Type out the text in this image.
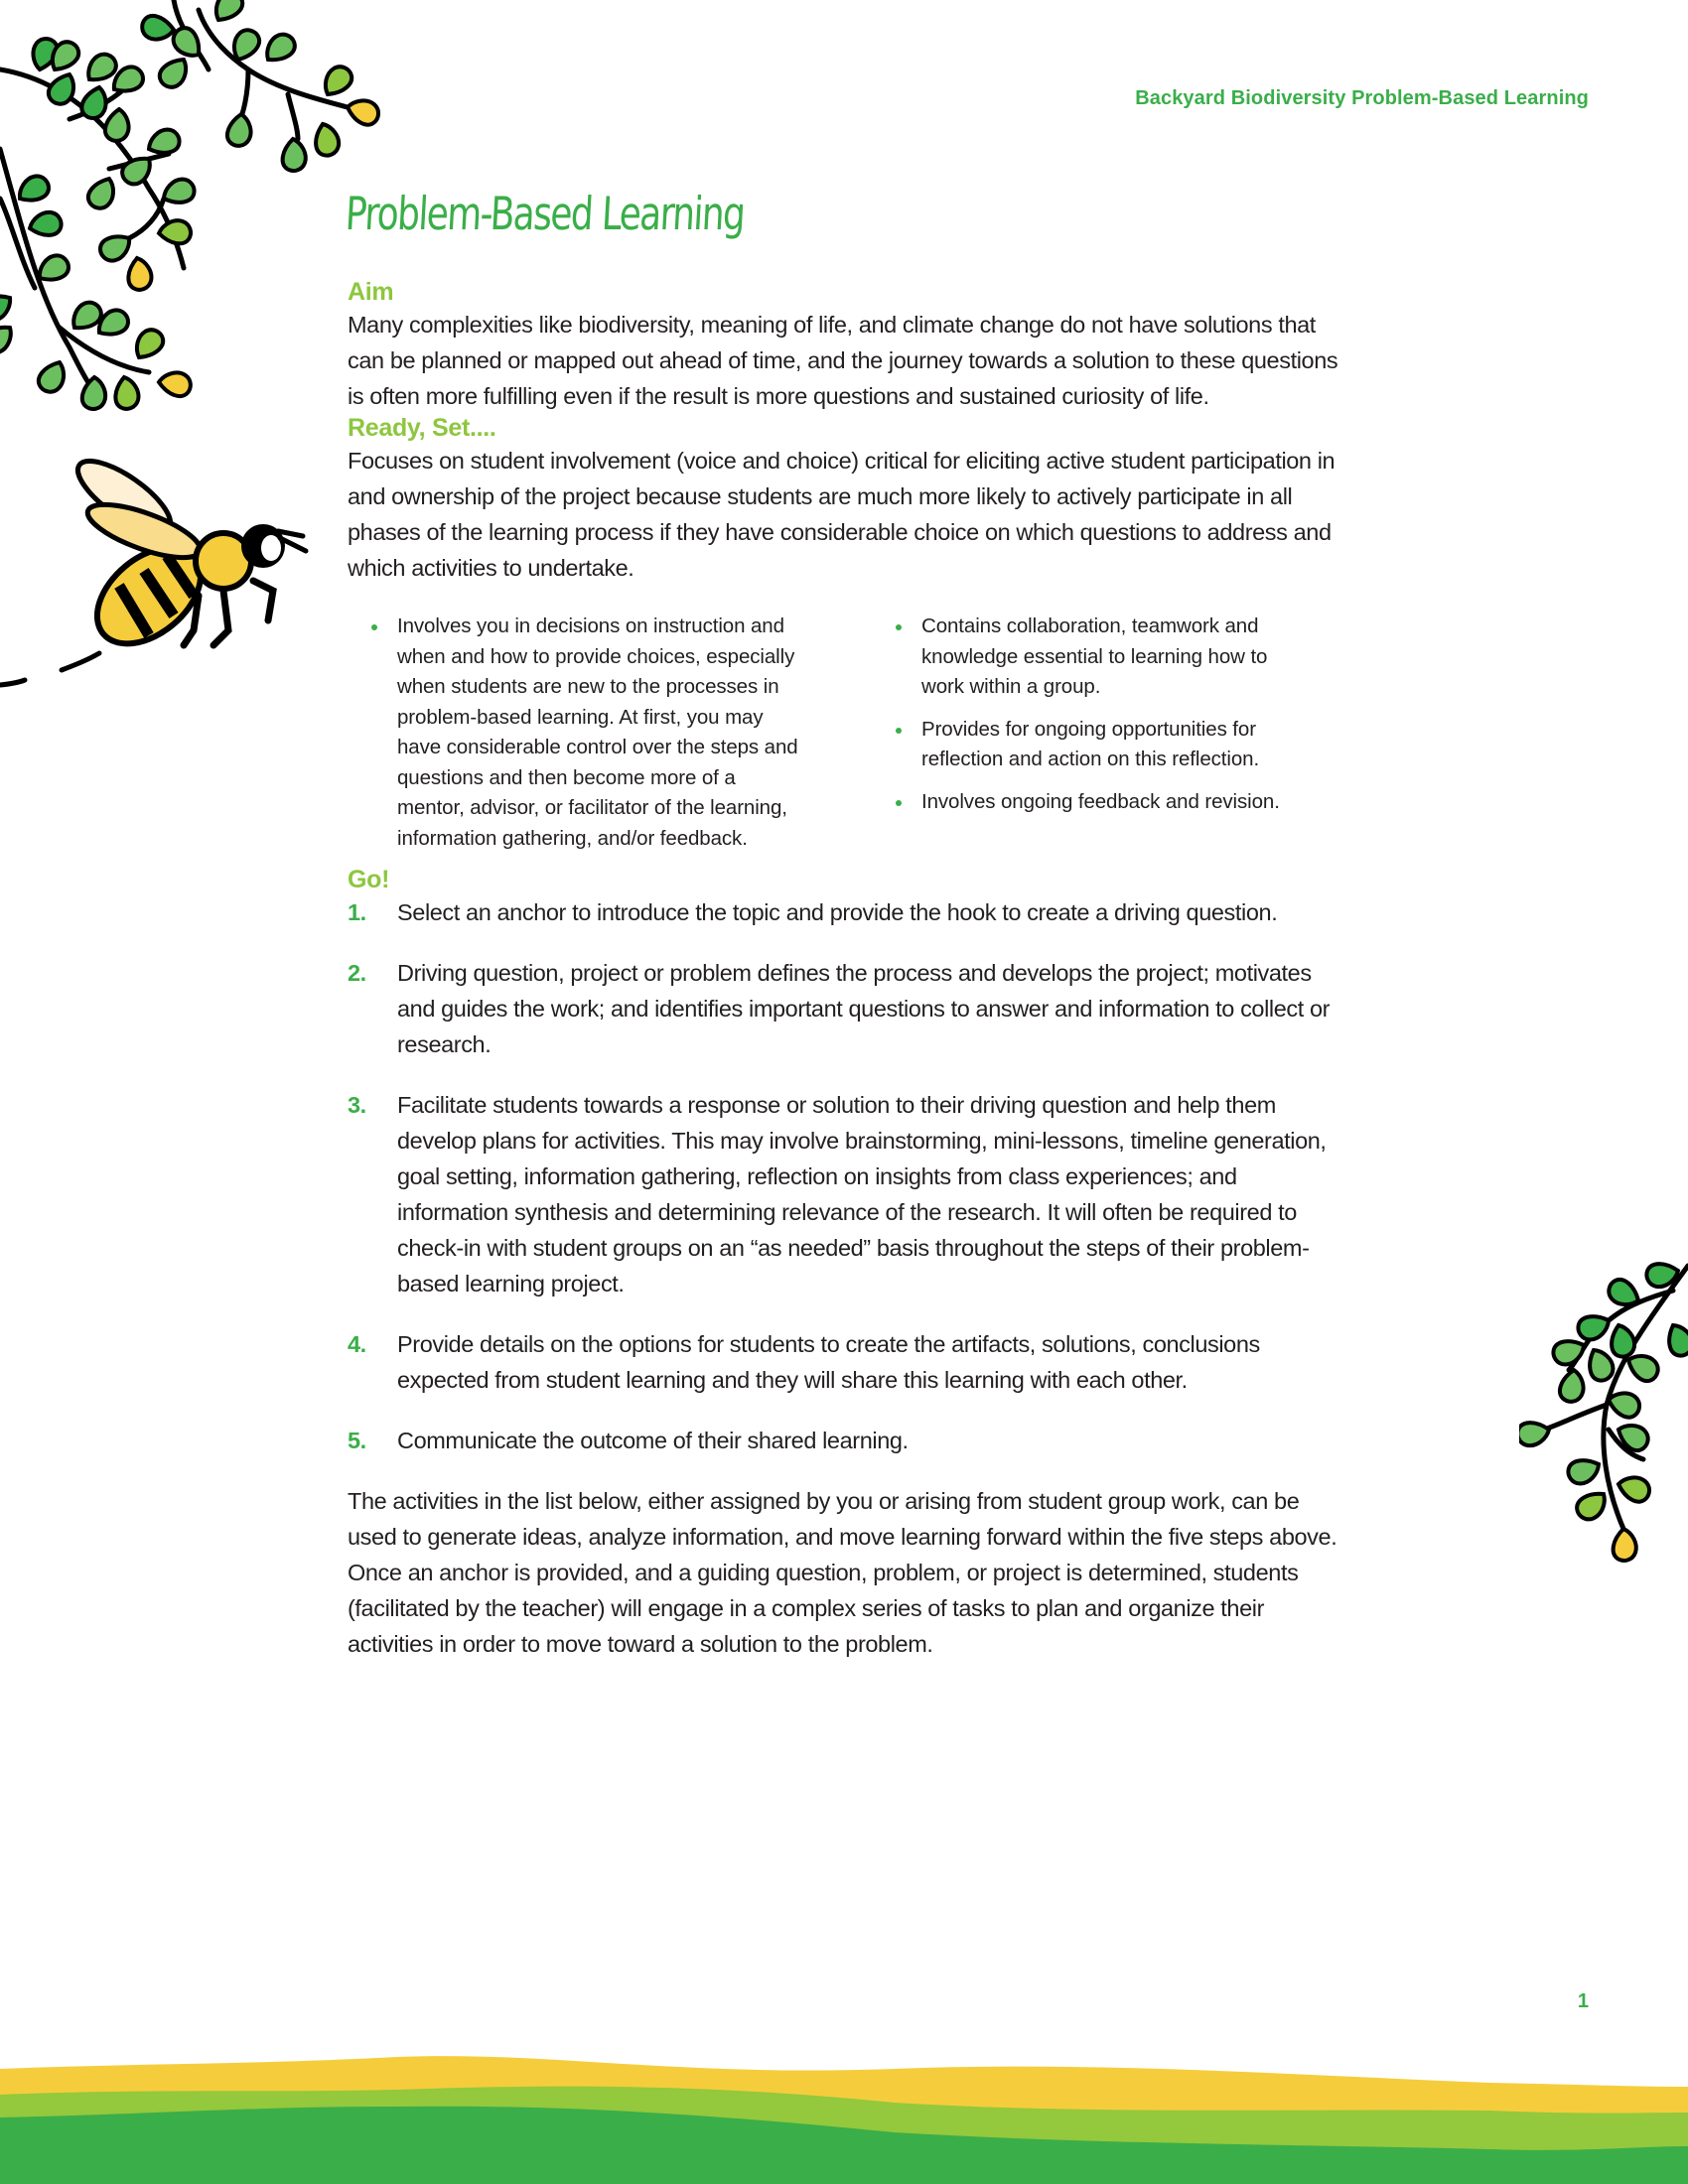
Backyard Biodiversity Problem-Based Learning
Problem-Based Learning
Aim

Many complexities like biodiversity, meaning of life, and climate change do not have solutions that can be planned or mapped out ahead of time, and the journey towards a solution to these questions is often more fulfilling even if the result is more questions and sustained curiosity of life.

Ready, Set....

Focuses on student involvement (voice and choice) critical for eliciting active student participation in and ownership of the project because students are much more likely to actively participate in all phases of the learning process if they have considerable choice on which questions to address and which activities to undertake.

Involves you in decisions on instruction and when and how to provide choices, especially when students are new to the processes in problem-based learning. At first, you may have considerable control over the steps and questions and then become more of a mentor, advisor, or facilitator of the learning, information gathering, and/or feedback.
Contains collaboration, teamwork and knowledge essential to learning how to work within a group.
Provides for ongoing opportunities for reflection and action on this reflection.
Involves ongoing feedback and revision.
Go!
1.	Select an anchor to introduce the topic and provide the hook to create a driving question.
2.	Driving question, project or problem defines the process and develops the project; motivates and guides the work; and identifies important questions to answer and information to collect or research.
3.	Facilitate students towards a response or solution to their driving question and help them develop plans for activities. This may involve brainstorming, mini-lessons, timeline generation, goal setting, information gathering, reflection on insights from class experiences; and information synthesis and determining relevance of the research. It will often be required to check-in with student groups on an “as needed” basis throughout the steps of their problem-based learning project.
4.	Provide details on the options for students to create the artifacts, solutions, conclusions expected from student learning and they will share this learning with each other.
5.	Communicate the outcome of their shared learning.

The activities in the list below, either assigned by you or arising from student group work, can be used to generate ideas, analyze information, and move learning forward within the five steps above.

Once an anchor is provided, and a guiding question, problem, or project is determined, students (facilitated by the teacher) will engage in a complex series of tasks to plan and organize their activities in order to move toward a solution to the problem.

1
